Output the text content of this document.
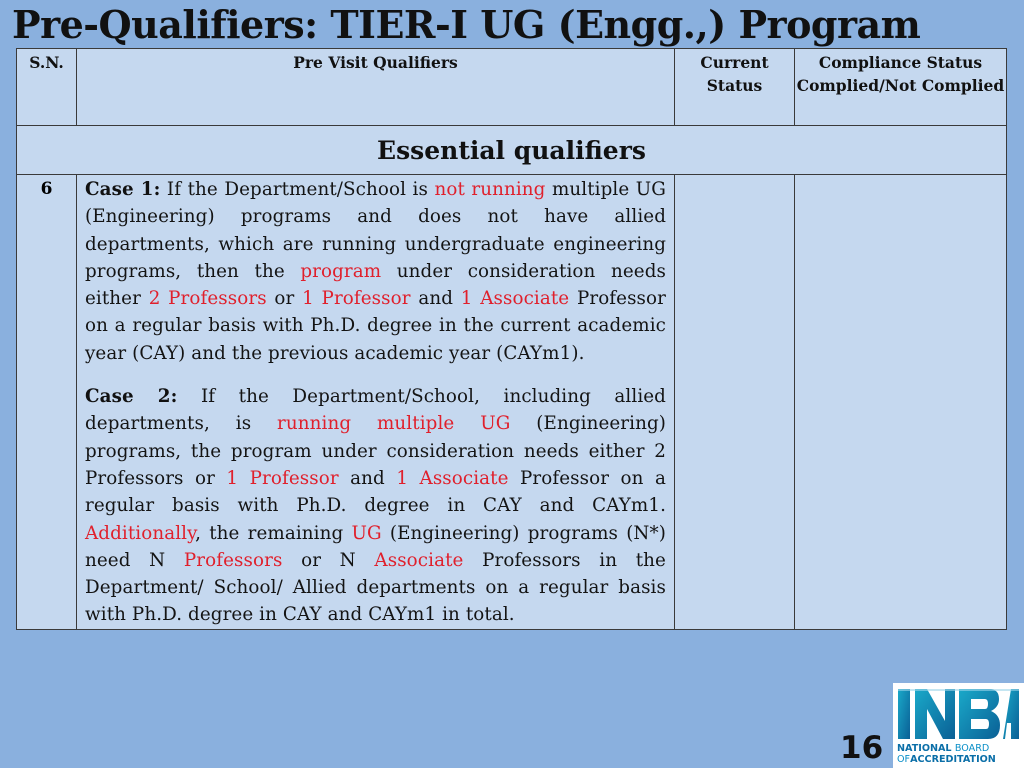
Pre-Qualifiers: TIER-I UG (Engg.,) Program
S.N.	Pre Visit Qualifiers	Current Status	Compliance Status Complied/Not Complied
Essential qualifiers			
6	Case 1: If the Department/School is not running multiple UG (Engineering) programs and does not have allied departments, which are running undergraduate engineering programs, then the program under consideration needs either 2 Professors or 1 Professor and 1 Associate Professor on a regular basis with Ph.D. degree in the current academic year (CAY) and the previous academic year (CAYm1).

Case 2: If the Department/School, including allied departments, is running multiple UG (Engineering) programs, the program under consideration needs either 2 Professors or 1 Professor and 1 Associate Professor on a regular basis with Ph.D. degree in CAY and CAYm1. Additionally, the remaining UG (Engineering) programs (N*) need N Professors or N Associate Professors in the Department/ School/ Allied departments on a regular basis with Ph.D. degree in CAY and CAYm1 in total.		

16 NATIONAL BOARD
OFACCREDITATION
